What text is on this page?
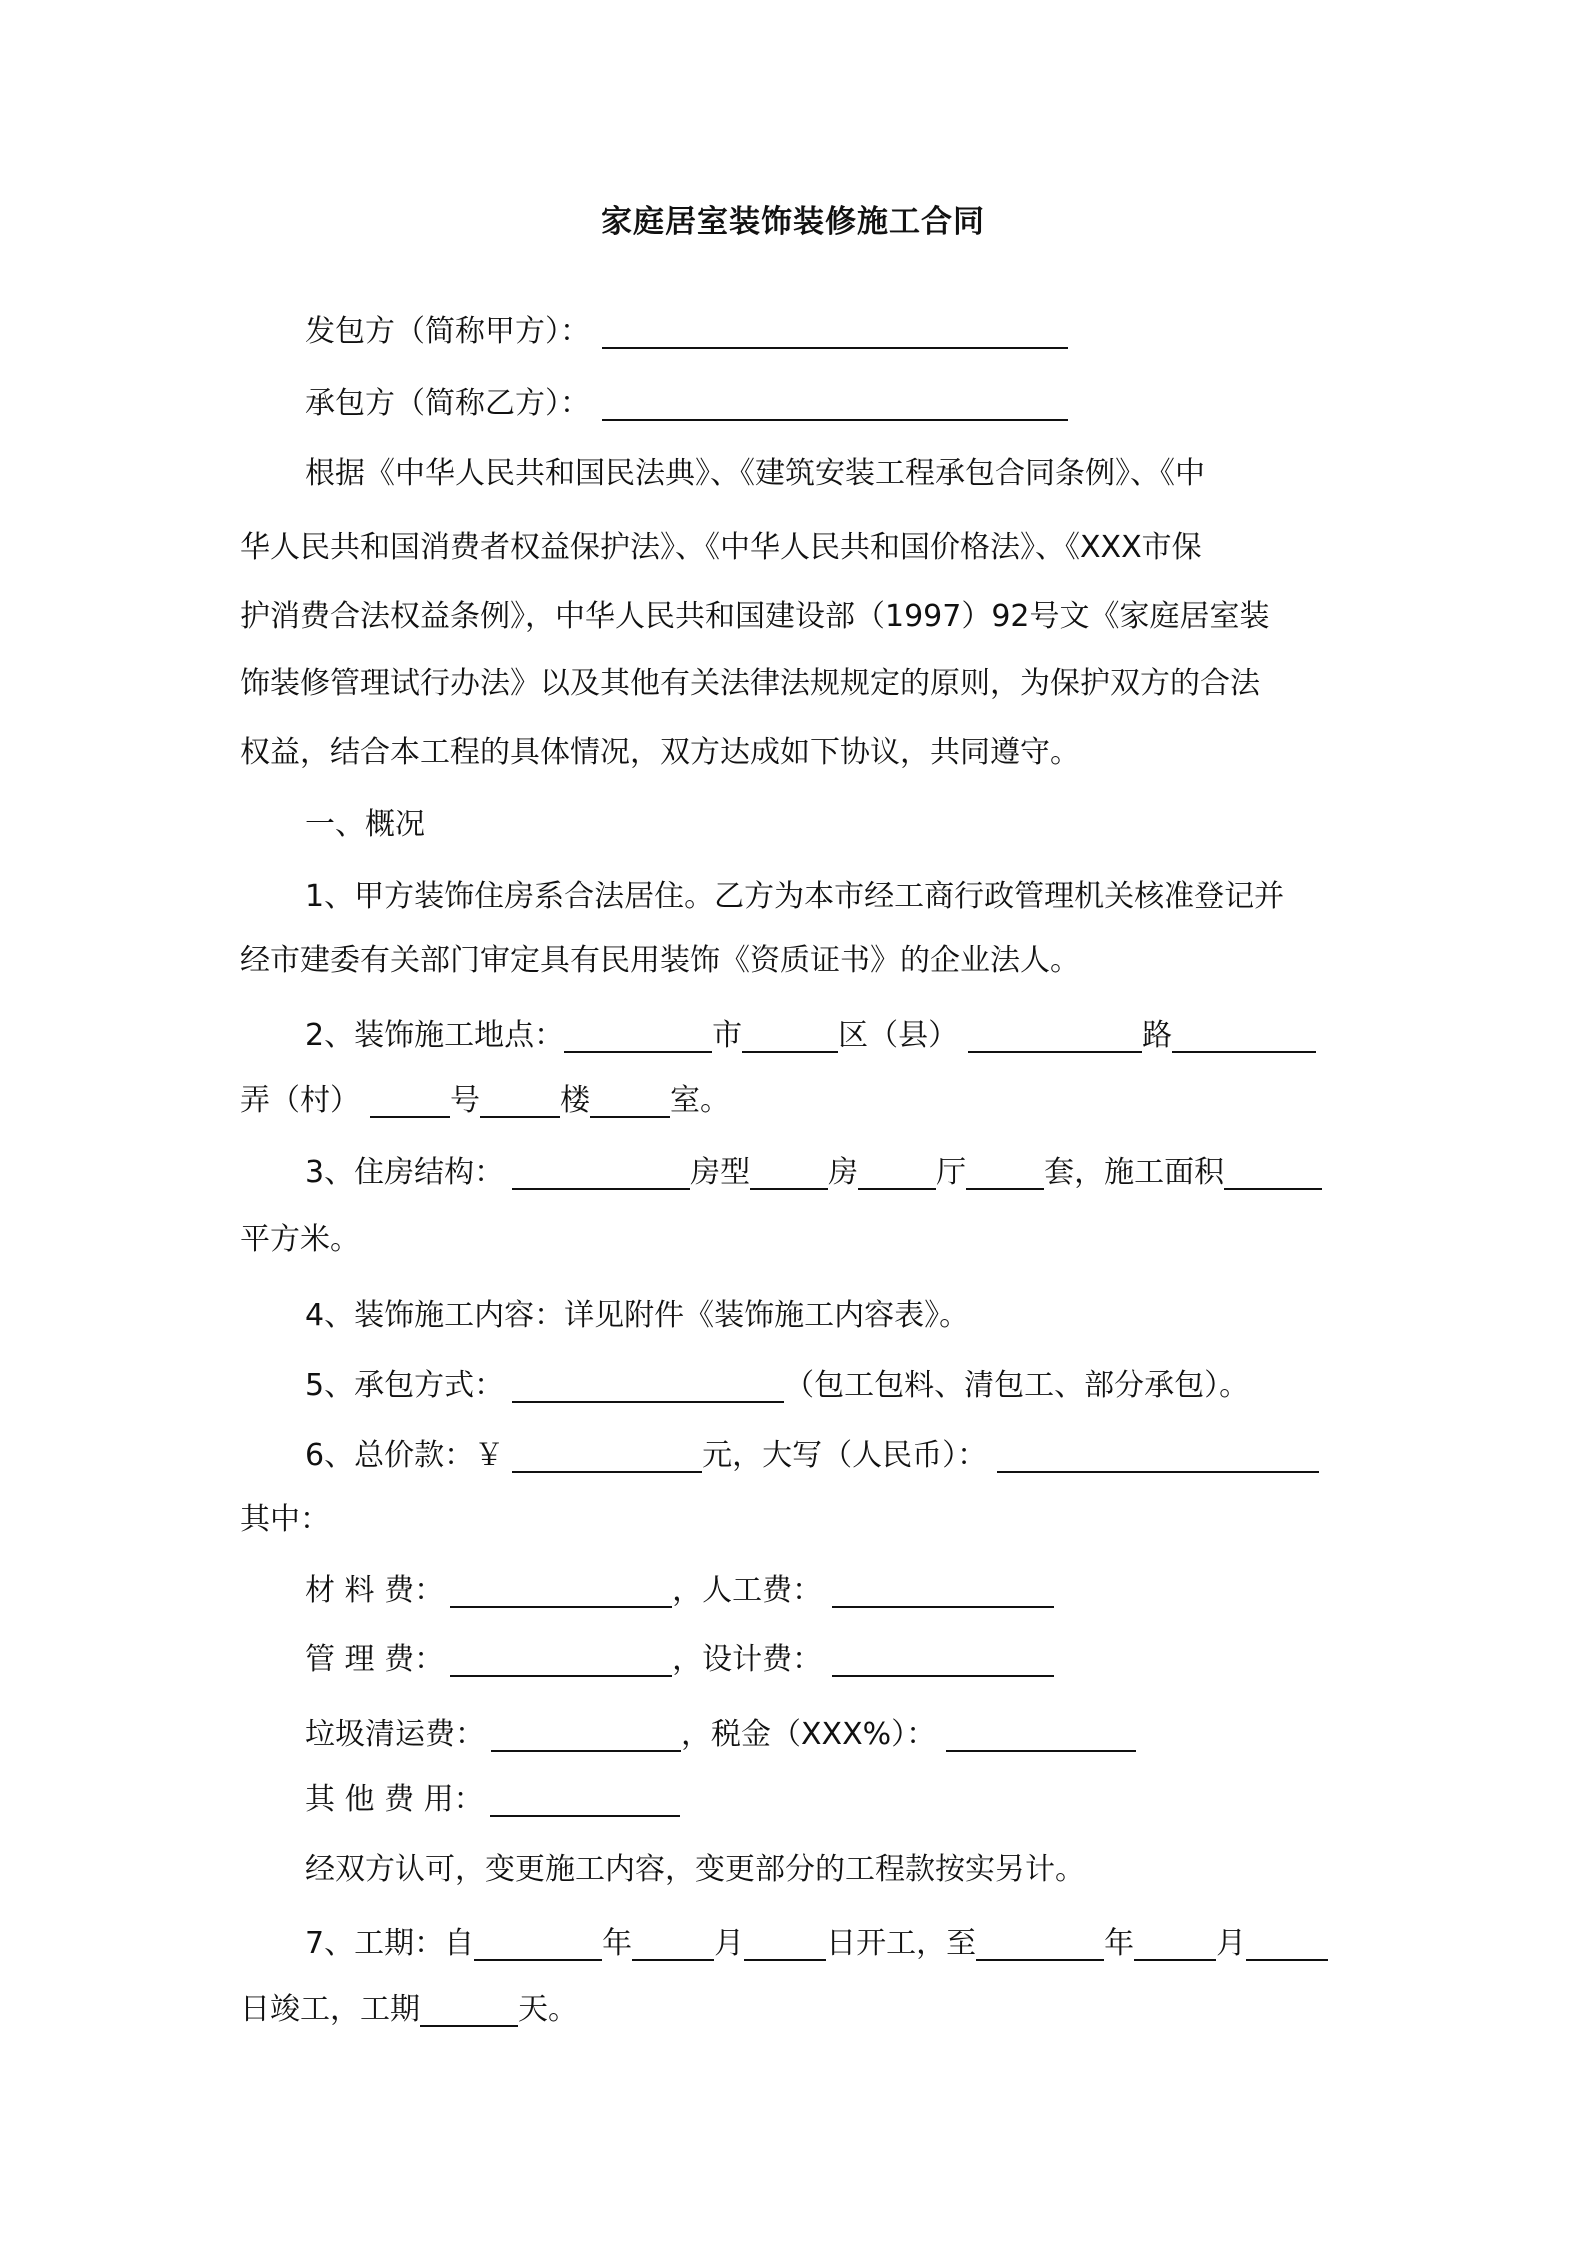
家庭居室装饰装修施工合同
发包方（简称甲方）：
承包方（简称乙方）：
根据《中华人民共和国民法典》、《建筑安装工程承包合同条例》、《中
华人民共和国消费者权益保护法》、《中华人民共和国价格法》、《XXX市保
护消费合法权益条例》，中华人民共和国建设部（1997）92号文《家庭居室装
饰装修管理试行办法》以及其他有关法律法规规定的原则，为保护双方的合法
权益，结合本工程的具体情况，双方达成如下协议，共同遵守。
一、概况
1、甲方装饰住房系合法居住。乙方为本市经工商行政管理机关核准登记并
经市建委有关部门审定具有民用装饰《资质证书》的企业法人。
2、装饰施工地点：	市	区（县）	路
弄（村）	号	楼	室。
3、住房结构：	房型	房	厅	套，施工面积
平方米。
4、装饰施工内容：详见附件《装饰施工内容表》。
5、承包方式：	（包工包料、清包工、部分承包）。
6、总价款：￥	元，大写（人民币）：
其中：
材 料 费：	，人工费：
管 理 费：	，设计费：
垃圾清运费：	，税金（XXX%）：
其 他 费 用：
经双方认可，变更施工内容，变更部分的工程款按实另计。
7、工期：自	年	月	日开工，至	年	月
日竣工，工期	天。
